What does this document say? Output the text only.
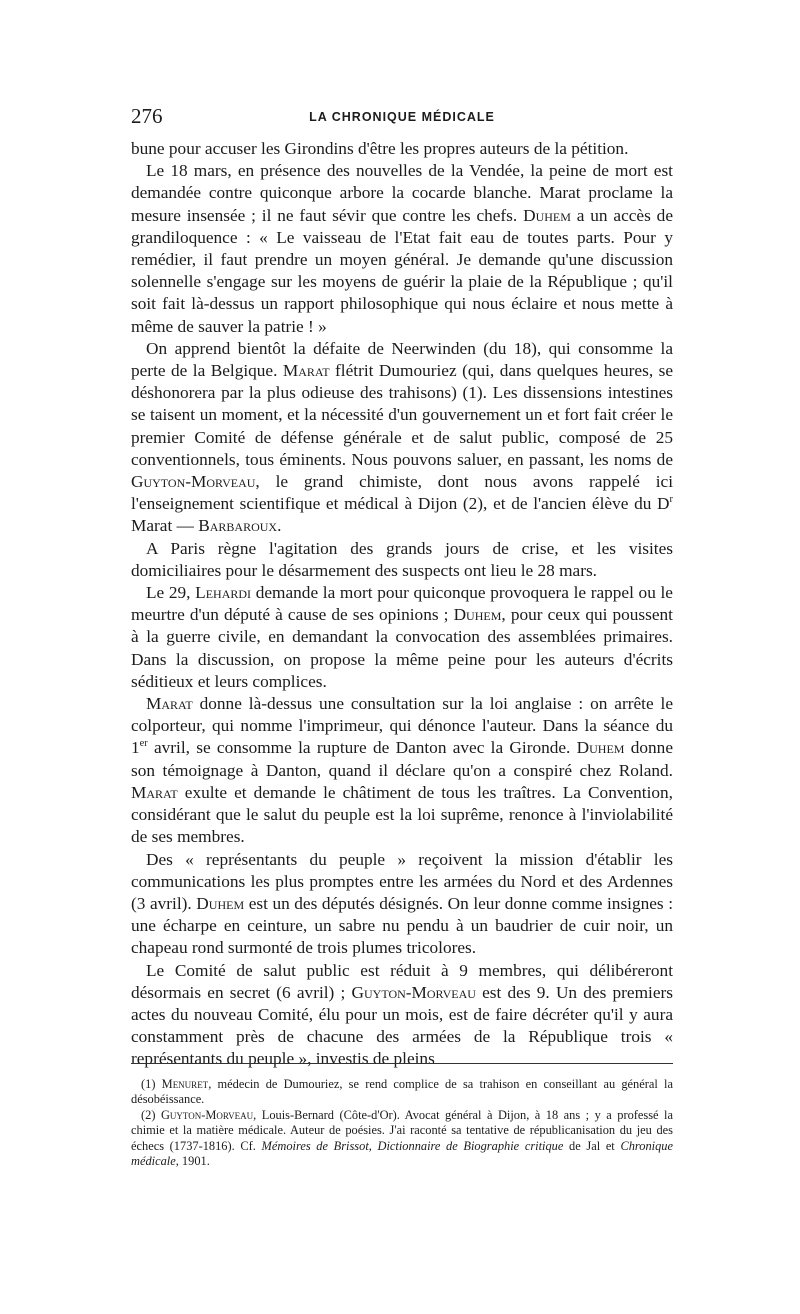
276	LA CHRONIQUE MÉDICALE

bune pour accuser les Girondins d'être les propres auteurs de la pétition.

Le 18 mars, en présence des nouvelles de la Vendée, la peine de mort est demandée contre quiconque arbore la cocarde blanche. Marat proclame la mesure insensée ; il ne faut sévir que contre les chefs. Duhem a un accès de grandiloquence : « Le vaisseau de l'Etat fait eau de toutes parts. Pour y remédier, il faut prendre un moyen général. Je demande qu'une discussion solennelle s'engage sur les moyens de guérir la plaie de la République ; qu'il soit fait là-dessus un rapport philosophique qui nous éclaire et nous mette à même de sauver la patrie ! »

On apprend bientôt la défaite de Neerwinden (du 18), qui consomme la perte de la Belgique. Marat flétrit Dumouriez (qui, dans quelques heures, se déshonorera par la plus odieuse des trahisons) (1). Les dissensions intestines se taisent un moment, et la nécessité d'un gouvernement un et fort fait créer le premier Comité de défense générale et de salut public, composé de 25 conventionnels, tous éminents. Nous pouvons saluer, en passant, les noms de Guyton-Morveau, le grand chimiste, dont nous avons rappelé ici l'enseignement scientifique et médical à Dijon (2), et de l'ancien élève du $D^r$ Marat — Barbaroux.

A Paris règne l'agitation des grands jours de crise, et les visites domiciliaires pour le désarmement des suspects ont lieu le 28 mars.

Le 29, Lehardi demande la mort pour quiconque provoquera le rappel ou le meurtre d'un député à cause de ses opinions ; Duhem, pour ceux qui poussent à la guerre civile, en demandant la convocation des assemblées primaires. Dans la discussion, on propose la même peine pour les auteurs d'écrits séditieux et leurs complices.

Marat donne là-dessus une consultation sur la loi anglaise : on arrête le colporteur, qui nomme l'imprimeur, qui dénonce l'auteur. Dans la séance du 1er avril, se consomme la rupture de Danton avec la Gironde. Duhem donne son témoignage à Danton, quand il déclare qu'on a conspiré chez Roland. Marat exulte et demande le châtiment de tous les traîtres. La Convention, considérant que le salut du peuple est la loi suprême, renonce à l'inviolabilité de ses membres.

Des « représentants du peuple » reçoivent la mission d'établir les communications les plus promptes entre les armées du Nord et des Ardennes (3 avril). Duhem est un des députés désignés. On leur donne comme insignes : une écharpe en ceinture, un sabre nu pendu à un baudrier de cuir noir, un chapeau rond surmonté de trois plumes tricolores.

Le Comité de salut public est réduit à 9 membres, qui délibéreront désormais en secret (6 avril) ; Guyton-Morveau est des 9. Un des premiers actes du nouveau Comité, élu pour un mois, est de faire décréter qu'il y aura constamment près de chacune des armées de la République trois « représentants du peuple », investis de pleins

(1) Menuret, médecin de Dumouriez, se rend complice de sa trahison en conseillant au général la désobéissance.

(2) Guyton-Morveau, Louis-Bernard (Côte-d'Or). Avocat général à Dijon, à 18 ans ; y a professé la chimie et la matière médicale. Auteur de poésies. J'ai raconté sa tentative de républicanisation du jeu des échecs (1737-1816). Cf. Mémoires de Brissot, Dictionnaire de Biographie critique de Jal et Chronique médicale, 1901.
